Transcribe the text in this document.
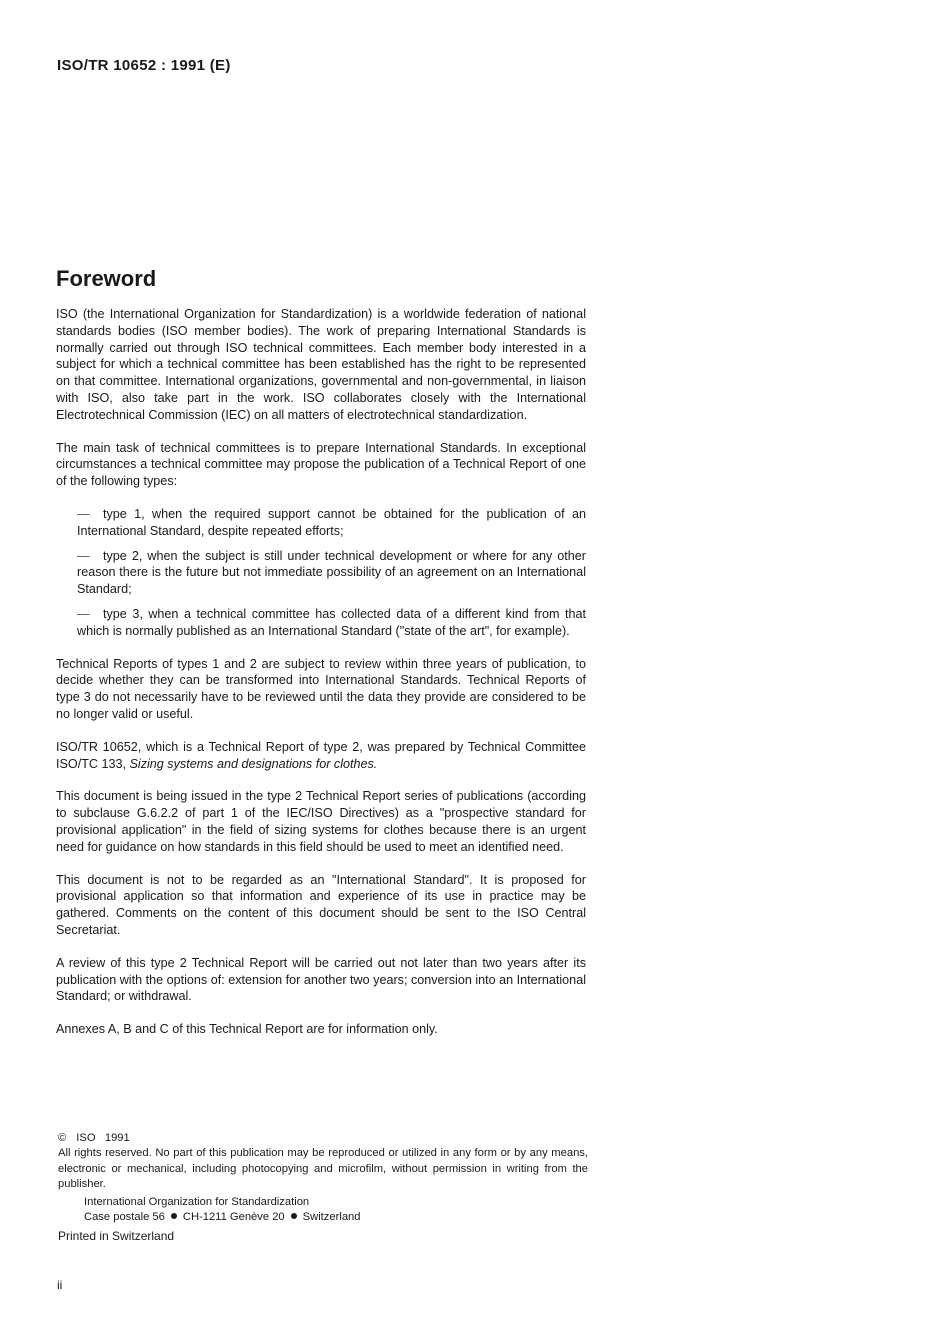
ISO/TR 10652 : 1991 (E)
Foreword

ISO (the International Organization for Standardization) is a worldwide federation of national standards bodies (ISO member bodies). The work of preparing International Standards is normally carried out through ISO technical committees. Each member body interested in a subject for which a technical committee has been established has the right to be represented on that committee. International organizations, governmental and non-governmental, in liaison with ISO, also take part in the work. ISO collaborates closely with the International Electrotechnical Commission (IEC) on all matters of electrotechnical standardization.

The main task of technical committees is to prepare International Standards. In exceptional circumstances a technical committee may propose the publication of a Technical Report of one of the following types:

— type 1, when the required support cannot be obtained for the publication of an International Standard, despite repeated efforts;
— type 2, when the subject is still under technical development or where for any other reason there is the future but not immediate possibility of an agreement on an International Standard;
— type 3, when a technical committee has collected data of a different kind from that which is normally published as an International Standard ("state of the art", for example).

Technical Reports of types 1 and 2 are subject to review within three years of publication, to decide whether they can be transformed into International Standards. Technical Reports of type 3 do not necessarily have to be reviewed until the data they provide are considered to be no longer valid or useful.

ISO/TR 10652, which is a Technical Report of type 2, was prepared by Technical Committee ISO/TC 133, Sizing systems and designations for clothes.

This document is being issued in the type 2 Technical Report series of publications (according to subclause G.6.2.2 of part 1 of the IEC/ISO Directives) as a "prospective standard for provisional application" in the field of sizing systems for clothes because there is an urgent need for guidance on how standards in this field should be used to meet an identified need.

This document is not to be regarded as an "International Standard". It is proposed for provisional application so that information and experience of its use in practice may be gathered. Comments on the content of this document should be sent to the ISO Central Secretariat.

A review of this type 2 Technical Report will be carried out not later than two years after its publication with the options of: extension for another two years; conversion into an International Standard; or withdrawal.

Annexes A, B and C of this Technical Report are for information only.

© ISO 1991

All rights reserved. No part of this publication may be reproduced or utilized in any form or by any means, electronic or mechanical, including photocopying and microfilm, without permission in writing from the publisher.

International Organization for Standardization
Case postale 56 CH-1211 Genève 20 Switzerland
Printed in Switzerland
ii
